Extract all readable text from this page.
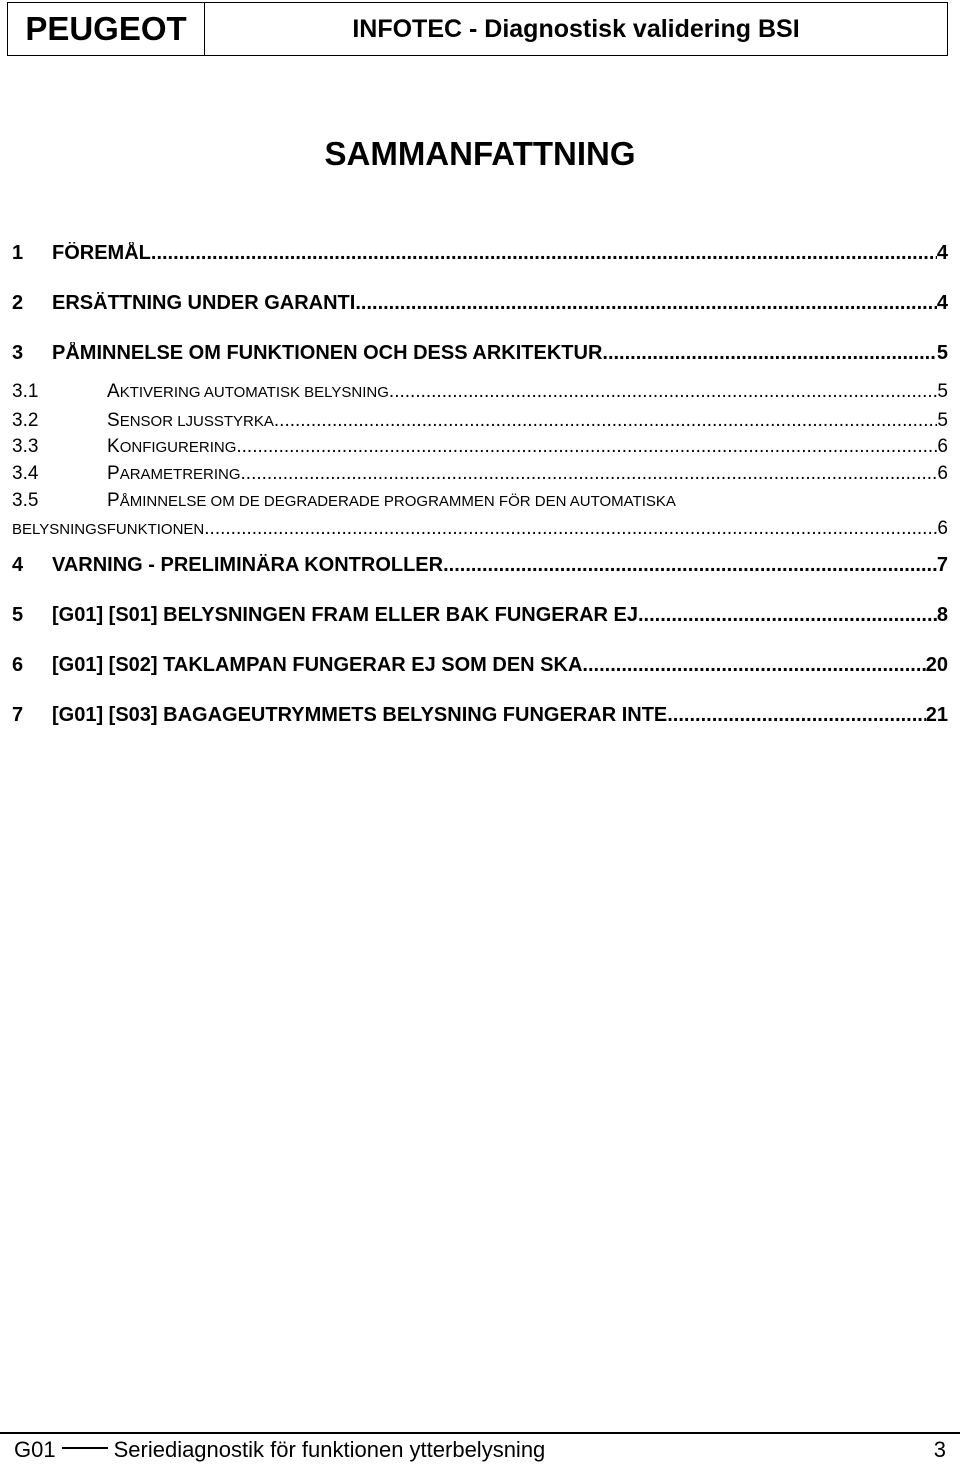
PEUGEOT	INFOTEC - Diagnostisk validering BSI
SAMMANFATTNING
1	FÖREMÅL .....	4
2	ERSÄTTNING UNDER GARANTI .....	4
3	PÅMINNELSE OM FUNKTIONEN OCH DESS ARKITEKTUR .....	5
3.1	AKTIVERING AUTOMATISK BELYSNING .....	5
3.2	SENSOR LJUSSTYRKA .....	5
3.3	KONFIGURERING .....	6
3.4	PARAMETRERING .....	6
3.5	PÅMINNELSE OM DE DEGRADERADE PROGRAMMEN FÖR DEN AUTOMATISKA
BELYSNINGSFUNKTIONEN .....	6
4	VARNING - PRELIMINÄRA KONTROLLER .....	7
5	[G01] [S01] BELYSNINGEN FRAM ELLER BAK FUNGERAR EJ .....	8
6	[G01] [S02] TAKLAMPAN FUNGERAR EJ SOM DEN SKA .....	20
7	[G01] [S03] BAGAGEUTRYMMETS BELYSNING FUNGERAR INTE .....	21
G01	Seriediagnostik för funktionen ytterbelysning	3
